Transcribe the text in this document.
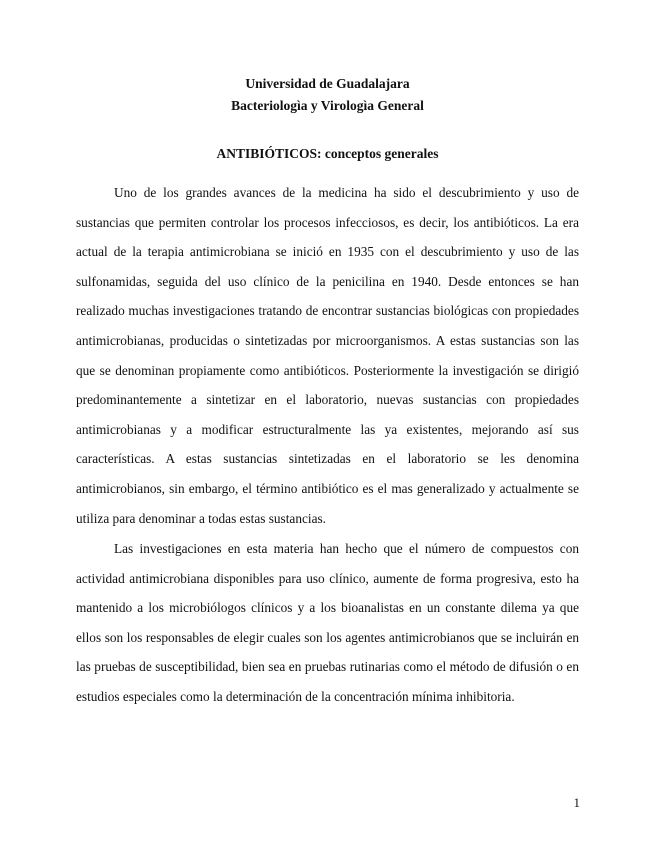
Universidad de Guadalajara
Bacteriologìa y Virologìa General
ANTIBIÓTICOS: conceptos generales

Uno de los grandes avances de la medicina ha sido el descubrimiento y uso de sustancias que permiten controlar los procesos infecciosos, es decir, los antibióticos. La era actual de la terapia antimicrobiana se inició en 1935 con el descubrimiento y uso de las sulfonamidas, seguida del uso clínico de la penicilina en 1940. Desde entonces se han realizado muchas investigaciones tratando de encontrar sustancias biológicas con propiedades antimicrobianas, producidas o sintetizadas por microorganismos. A estas sustancias son las que se denominan propiamente como antibióticos. Posteriormente la investigación se dirigió predominantemente a sintetizar en el laboratorio, nuevas sustancias con propiedades antimicrobianas y a modificar estructuralmente las ya existentes, mejorando así sus características. A estas sustancias sintetizadas en el laboratorio se les denomina antimicrobianos, sin embargo, el término antibiótico es el mas generalizado y actualmente se utiliza para denominar a todas estas sustancias.

Las investigaciones en esta materia han hecho que el número de compuestos con actividad antimicrobiana disponibles para uso clínico, aumente de forma progresiva, esto ha mantenido a los microbiólogos clínicos y a los bioanalistas en un constante dilema ya que ellos son los responsables de elegir cuales son los agentes antimicrobianos que se incluirán en las pruebas de susceptibilidad, bien sea en pruebas rutinarias como el método de difusión o en estudios especiales como la determinación de la concentración mínima inhibitoria.

1
